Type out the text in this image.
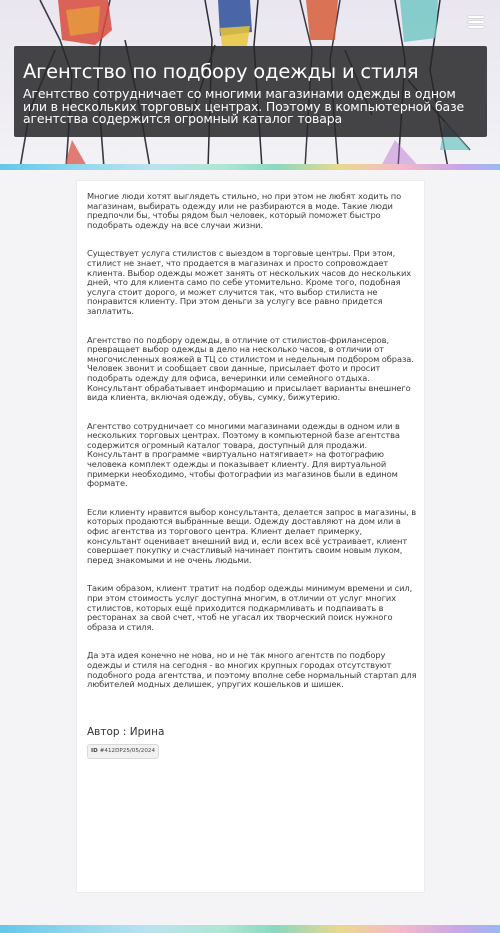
Агентство по подбору одежды и стиля

Агентство сотрудничает со многими магазинами одежды в одном или в нескольких торговых центрах. Поэтому в компьютерной базе агентства содержится огромный каталог товара

Многие люди хотят выглядеть стильно, но при этом не любят ходить по магазинам, выбирать одежду или не разбираются в моде. Такие люди предпочли бы, чтобы рядом был человек, который поможет быстро подобрать одежду на все случаи жизни.

Существует услуга стилистов с выездом в торговые центры. При этом, стилист не знает, что продается в магазинах и просто сопровождает клиента. Выбор одежды может занять от нескольких часов до нескольких дней, что для клиента само по себе утомительно. Кроме того, подобная услуга стоит дорого, и может случится так, что выбор стилиста не понравится клиенту. При этом деньги за услугу все равно придется заплатить.

Агентство по подбору одежды, в отличие от стилистов-фрилансеров, превращает выбор одежды в дело на несколько часов, в отличии от многочисленных вояжей в ТЦ со стилистом и недельным подбором образа. Человек звонит и сообщает свои данные, присылает фото и просит подобрать одежду для офиса, вечеринки или семейного отдыха. Консультант обрабатывает информацию и присылает варианты внешнего вида клиента, включая одежду, обувь, сумку, бижутерию.

Агентство сотрудничает со многими магазинами одежды в одном или в нескольких торговых центрах. Поэтому в компьютерной базе агентства содержится огромный каталог товара, доступный для продажи. Консультант в программе «виртуально натягивает» на фотографию человека комплект одежды и показывает клиенту. Для виртуальной примерки необходимо, чтобы фотографии из магазинов были в едином формате.

Если клиенту нравится выбор консультанта, делается запрос в магазины, в которых продаются выбранные вещи. Одежду доставляют на дом или в офис агентства из торгового центра. Клиент делает примерку, консультант оценивает внешний вид и, если всех всё устраивает, клиент совершает покупку и счастливый начинает понтить своим новым луком, перед знакомыми и не очень людьми.

Таким образом, клиент тратит на подбор одежды минимум времени и сил, при этом стоимость услуг доступна многим, в отличии от услуг многих стилистов, которых ещё приходится подкармливать и подпаивать в ресторанах за свой счет, чтоб не угасал их творческий поиск нужного образа и стиля.

Да эта идея конечно не нова, но и не так много агентств по подбору одежды и стиля на сегодня - во многих крупных городах отсутствуют подобного рода агентства, и поэтому вполне себе нормальный стартап для любителей модных делишек, упругих кошельков и шишек.

Автор : Ирина
ID #412DP25/05/2024
